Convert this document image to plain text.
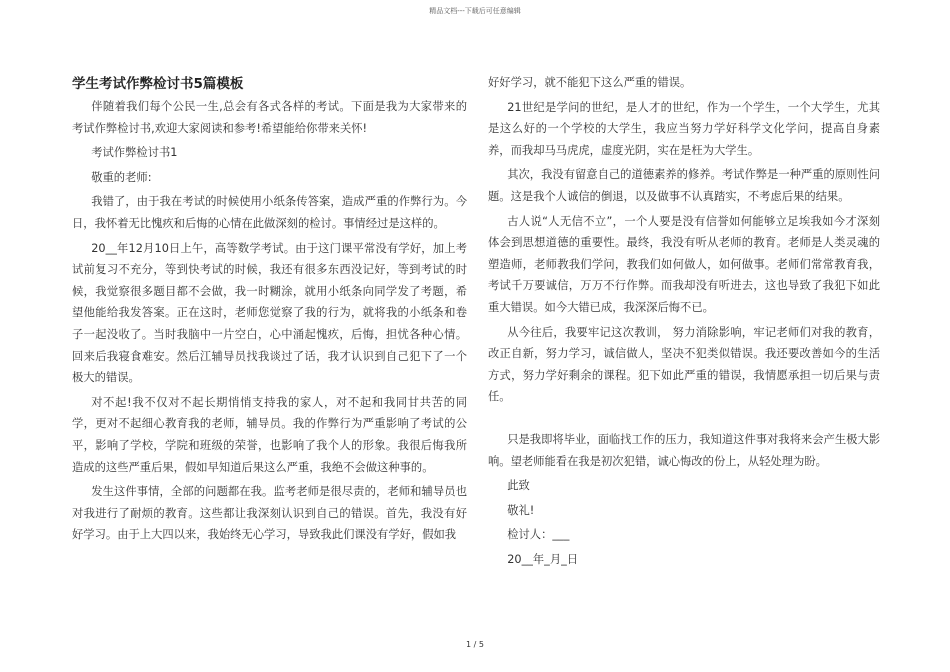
精品文档---下载后可任意编辑
学生考试作弊检讨书5篇模板

伴随着我们每个公民一生,总会有各式各样的考试。下面是我为大家带来的考试作弊检讨书,欢迎大家阅读和参考!希望能给你带来关怀!

考试作弊检讨书1

敬重的老师:

我错了，由于我在考试的时候使用小纸条传答案，造成严重的作弊行为。今日，我怀着无比愧疚和后悔的心情在此做深刻的检讨。事情经过是这样的。

20__年12月10日上午，高等数学考试。由于这门课平常没有学好，加上考试前复习不充分，等到快考试的时候，我还有很多东西没记好，等到考试的时候，我觉察很多题目都不会做，我一时糊涂，就用小纸条向同学发了考题，希望他能给我发答案。正在这时，老师您觉察了我的行为，就将我的小纸条和卷子一起没收了。当时我脑中一片空白，心中涌起愧疚，后悔，担忧各种心情。回来后我寝食难安。然后江辅导员找我谈过了话，我才认识到自己犯下了一个极大的错误。

对不起!我不仅对不起长期悄悄支持我的家人，对不起和我同甘共苦的同学，更对不起细心教育我的老师，辅导员。我的作弊行为严重影响了考试的公平，影响了学校，学院和班级的荣誉，也影响了我个人的形象。我很后悔我所造成的这些严重后果，假如早知道后果这么严重，我绝不会做这种事的。

发生这件事情，全部的问题都在我。监考老师是很尽责的，老师和辅导员也对我进行了耐烦的教育。这些都让我深刻认识到自己的错误。首先，我没有好好学习。由于上大四以来，我始终无心学习，导致我此们课没有学好，假如我

好好学习，就不能犯下这么严重的错误。

21世纪是学问的世纪，是人才的世纪，作为一个学生，一个大学生，尤其是这么好的一个学校的大学生，我应当努力学好科学文化学问，提高自身素养，而我却马马虎虎，虚度光阴，实在是枉为大学生。

其次，我没有留意自己的道德素养的修养。考试作弊是一种严重的原则性问题。这是我个人诚信的倒退，以及做事不认真踏实，不考虑后果的结果。

古人说“人无信不立”，一个人要是没有信誉如何能够立足埃我如今才深刻体会到思想道德的重要性。最终，我没有听从老师的教育。老师是人类灵魂的塑造师，老师教我们学问，教我们如何做人，如何做事。老师们常常教育我，考试千万要诚信，万万不行作弊。而我却没有听进去，这也导致了我犯下如此重大错误。如今大错已成，我深深后悔不已。

从今往后，我要牢记这次教训， 努力消除影响，牢记老师们对我的教育，改正自新，努力学习，诚信做人，坚决不犯类似错误。我还要改善如今的生活方式，努力学好剩余的课程。犯下如此严重的错误，我情愿承担一切后果与责任。

只是我即将毕业，面临找工作的压力，我知道这件事对我将来会产生极大影响。望老师能看在我是初次犯错，诚心悔改的份上，从轻处理为盼。

此致

敬礼!

检讨人：___

20__年_月_日

1 / 5
